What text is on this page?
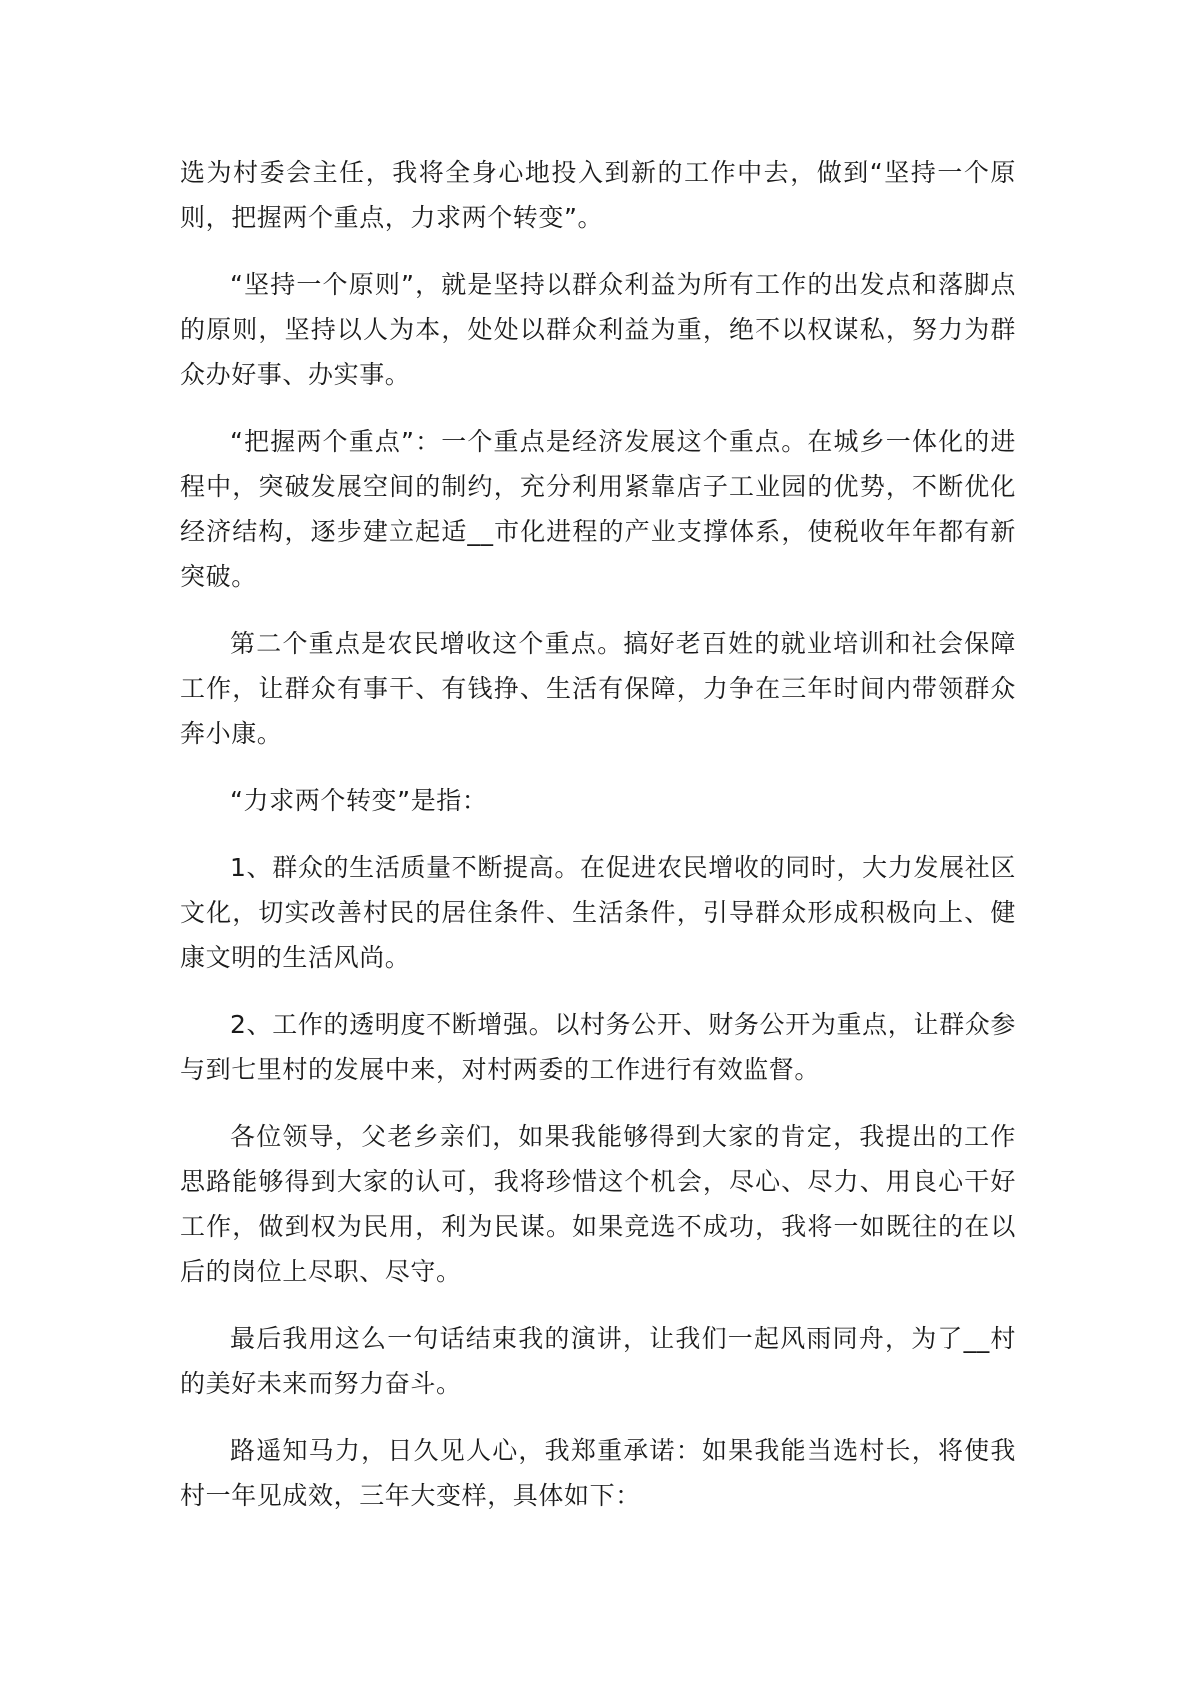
选为村委会主任，我将全身心地投入到新的工作中去，做到“坚持一个原则，把握两个重点，力求两个转变”。

“坚持一个原则”，就是坚持以群众利益为所有工作的出发点和落脚点的原则，坚持以人为本，处处以群众利益为重，绝不以权谋私，努力为群众办好事、办实事。

“把握两个重点”：一个重点是经济发展这个重点。在城乡一体化的进程中，突破发展空间的制约，充分利用紧靠店子工业园的优势，不断优化经济结构，逐步建立起适__市化进程的产业支撑体系，使税收年年都有新突破。

第二个重点是农民增收这个重点。搞好老百姓的就业培训和社会保障工作，让群众有事干、有钱挣、生活有保障，力争在三年时间内带领群众奔小康。

“力求两个转变”是指：

1、群众的生活质量不断提高。在促进农民增收的同时，大力发展社区文化，切实改善村民的居住条件、生活条件，引导群众形成积极向上、健康文明的生活风尚。

2、工作的透明度不断增强。以村务公开、财务公开为重点，让群众参与到七里村的发展中来，对村两委的工作进行有效监督。

各位领导，父老乡亲们，如果我能够得到大家的肯定，我提出的工作思路能够得到大家的认可，我将珍惜这个机会，尽心、尽力、用良心干好工作，做到权为民用，利为民谋。如果竞选不成功，我将一如既往的在以后的岗位上尽职、尽守。

最后我用这么一句话结束我的演讲，让我们一起风雨同舟，为了__村的美好未来而努力奋斗。

路遥知马力，日久见人心，我郑重承诺：如果我能当选村长，将使我村一年见成效，三年大变样，具体如下：
